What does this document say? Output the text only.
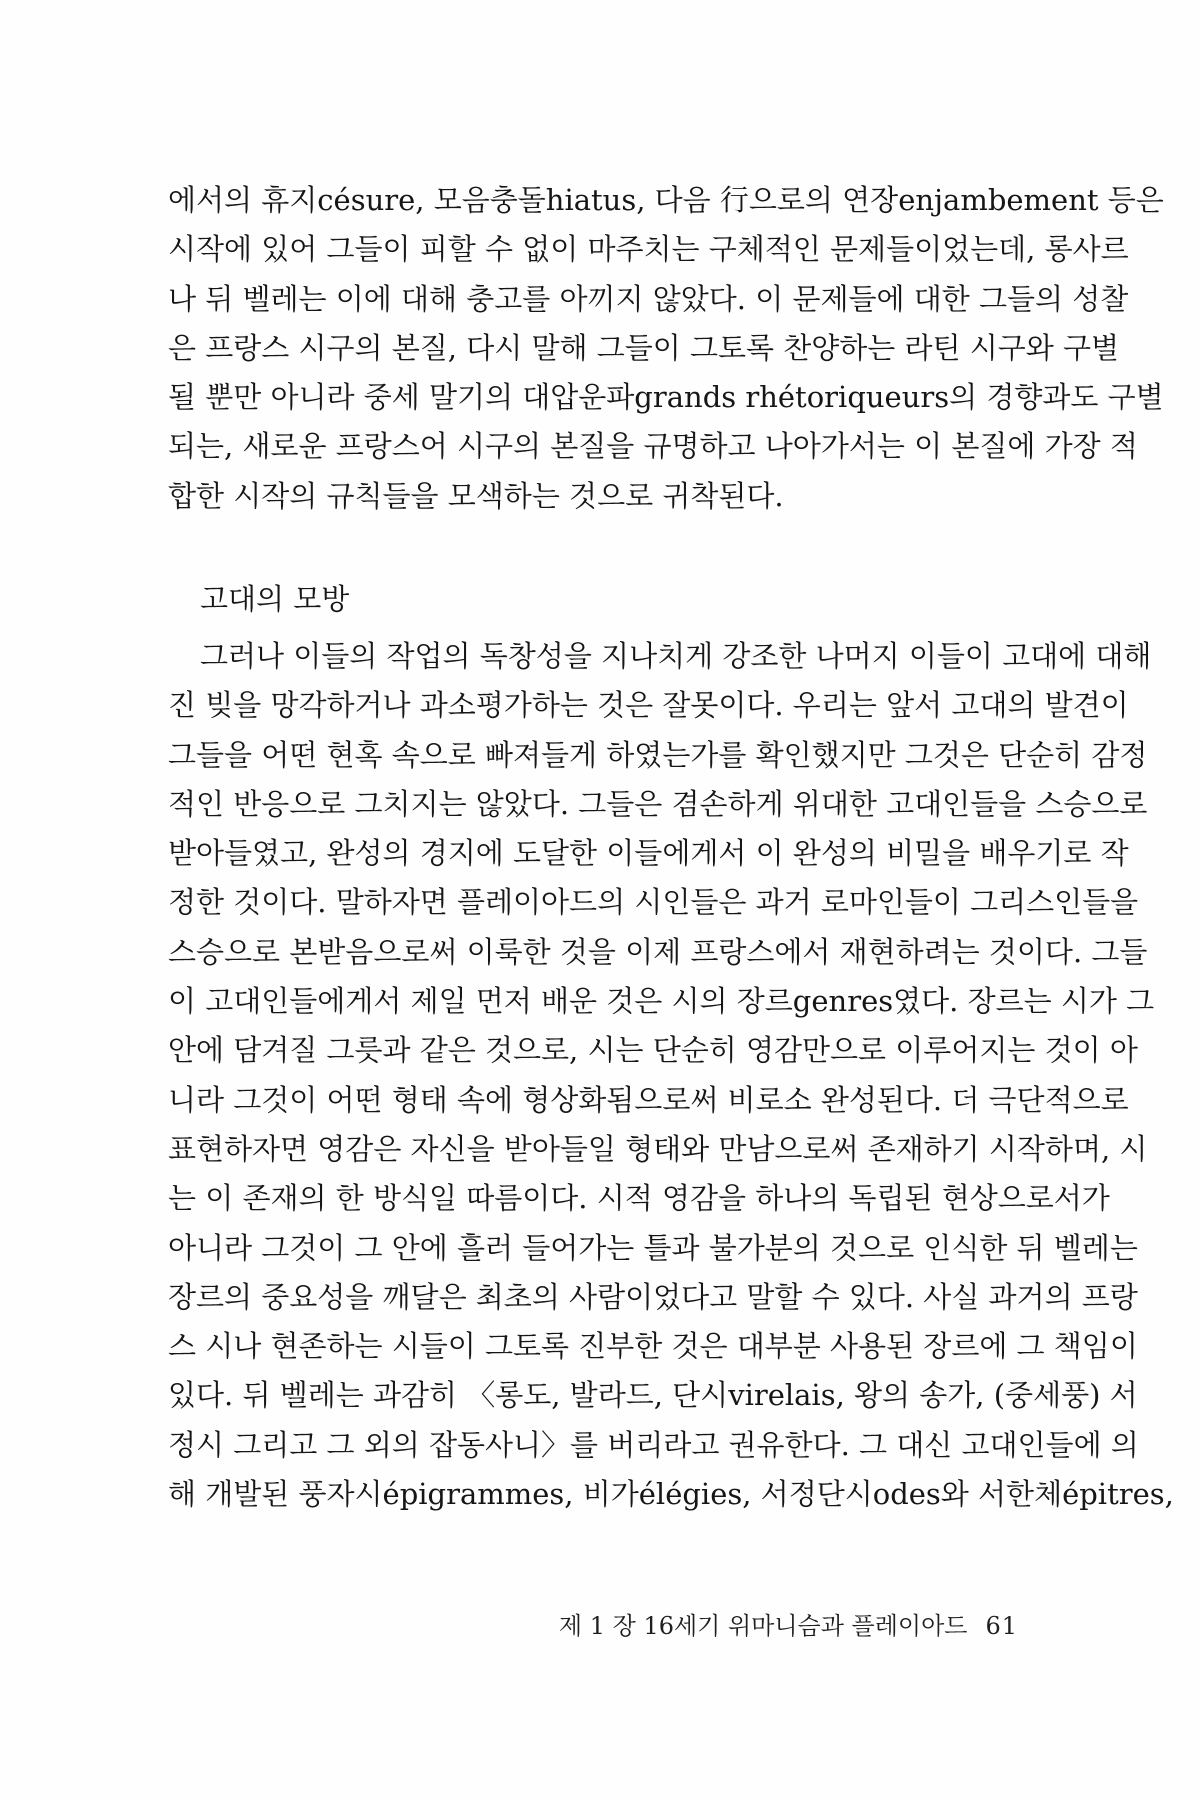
에서의 휴지césure, 모음충돌hiatus, 다음 行으로의 연장enjambement 등은
시작에 있어 그들이 피할 수 없이 마주치는 구체적인 문제들이었는데, 롱사르
나 뒤 벨레는 이에 대해 충고를 아끼지 않았다. 이 문제들에 대한 그들의 성찰
은 프랑스 시구의 본질, 다시 말해 그들이 그토록 찬양하는 라틴 시구와 구별
될 뿐만 아니라 중세 말기의 대압운파grands rhétoriqueurs의 경향과도 구별
되는, 새로운 프랑스어 시구의 본질을 규명하고 나아가서는 이 본질에 가장 적
합한 시작의 규칙들을 모색하는 것으로 귀착된다.
고대의 모방
그러나 이들의 작업의 독창성을 지나치게 강조한 나머지 이들이 고대에 대해
진 빚을 망각하거나 과소평가하는 것은 잘못이다. 우리는 앞서 고대의 발견이
그들을 어떤 현혹 속으로 빠져들게 하였는가를 확인했지만 그것은 단순히 감정
적인 반응으로 그치지는 않았다. 그들은 겸손하게 위대한 고대인들을 스승으로
받아들였고, 완성의 경지에 도달한 이들에게서 이 완성의 비밀을 배우기로 작
정한 것이다. 말하자면 플레이아드의 시인들은 과거 로마인들이 그리스인들을
스승으로 본받음으로써 이룩한 것을 이제 프랑스에서 재현하려는 것이다. 그들
이 고대인들에게서 제일 먼저 배운 것은 시의 장르genres였다. 장르는 시가 그
안에 담겨질 그릇과 같은 것으로, 시는 단순히 영감만으로 이루어지는 것이 아
니라 그것이 어떤 형태 속에 형상화됨으로써 비로소 완성된다. 더 극단적으로
표현하자면 영감은 자신을 받아들일 형태와 만남으로써 존재하기 시작하며, 시
는 이 존재의 한 방식일 따름이다. 시적 영감을 하나의 독립된 현상으로서가
아니라 그것이 그 안에 흘러 들어가는 틀과 불가분의 것으로 인식한 뒤 벨레는
장르의 중요성을 깨달은 최초의 사람이었다고 말할 수 있다. 사실 과거의 프랑
스 시나 현존하는 시들이 그토록 진부한 것은 대부분 사용된 장르에 그 책임이
있다. 뒤 벨레는 과감히 〈롱도, 발라드, 단시virelais, 왕의 송가, (중세풍) 서
정시 그리고 그 외의 잡동사니〉를 버리라고 권유한다. 그 대신 고대인들에 의
해 개발된 풍자시épigrammes, 비가élégies, 서정단시odes와 서한체épitres,
제 1 장 16세기 위마니슴과 플레이아드 61
